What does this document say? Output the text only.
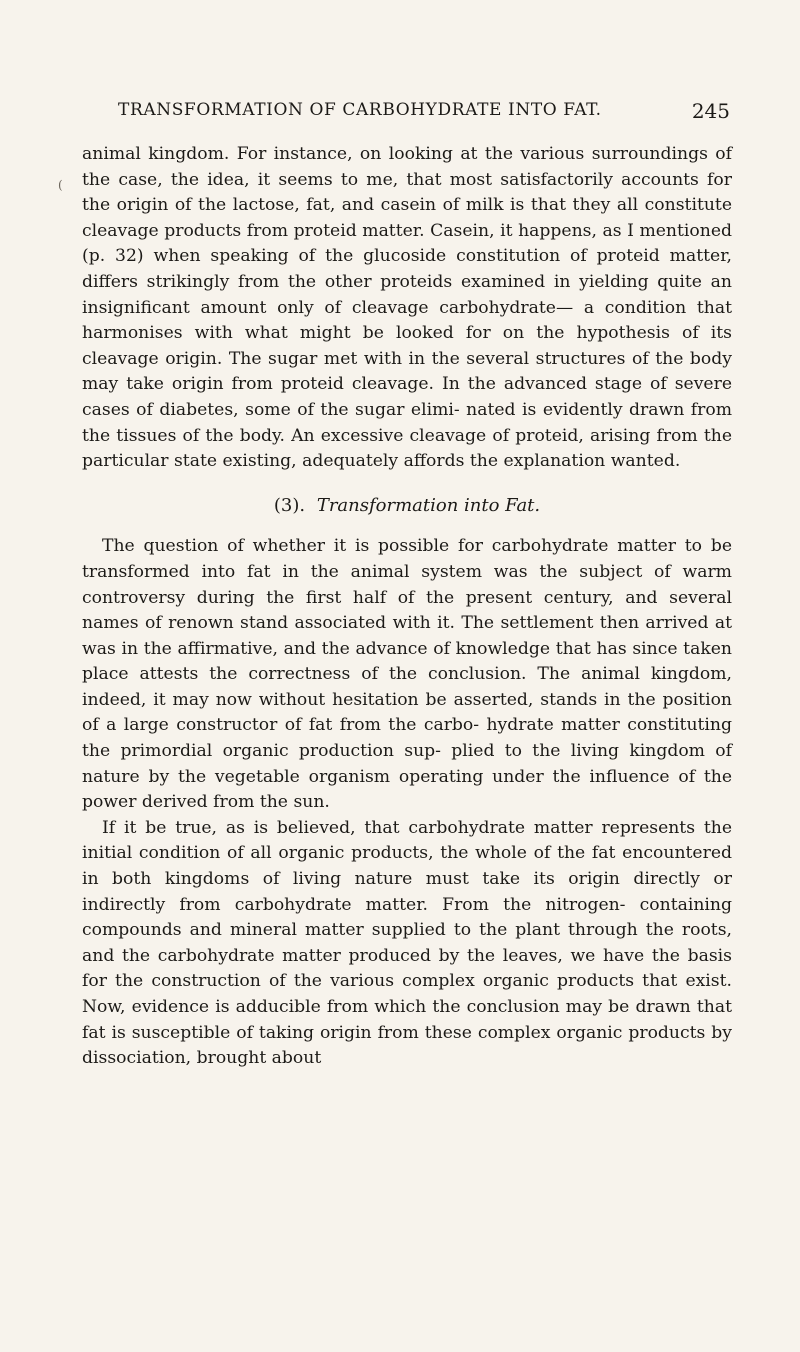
TRANSFORMATION OF CARBOHYDRATE INTO FAT.	245
(

animal kingdom. For instance, on looking at the various surroundings of the case, the idea, it seems to me, that most satisfactorily accounts for the origin of the lactose, fat, and casein of milk is that they all constitute cleavage products from proteid matter. Casein, it happens, as I mentioned (p. 32) when speaking of the glucoside constitution of proteid matter, differs strikingly from the other proteids examined in yielding quite an insignificant amount only of cleavage carbohydrate— a condition that harmonises with what might be looked for on the hypothesis of its cleavage origin. The sugar met with in the several structures of the body may take origin from proteid cleavage. In the advanced stage of severe cases of diabetes, some of the sugar elimi- nated is evidently drawn from the tissues of the body. An excessive cleavage of proteid, arising from the particular state existing, adequately affords the explanation wanted.

(3). Transformation into Fat.

The question of whether it is possible for carbohydrate matter to be transformed into fat in the animal system was the subject of warm controversy during the first half of the present century, and several names of renown stand associated with it. The settlement then arrived at was in the affirmative, and the advance of knowledge that has since taken place attests the correctness of the conclusion. The animal kingdom, indeed, it may now without hesitation be asserted, stands in the position of a large constructor of fat from the carbo- hydrate matter constituting the primordial organic production sup- plied to the living kingdom of nature by the vegetable organism operating under the influence of the power derived from the sun.

If it be true, as is believed, that carbohydrate matter represents the initial condition of all organic products, the whole of the fat encountered in both kingdoms of living nature must take its origin directly or indirectly from carbohydrate matter. From the nitrogen- containing compounds and mineral matter supplied to the plant through the roots, and the carbohydrate matter produced by the leaves, we have the basis for the construction of the various complex organic products that exist. Now, evidence is adducible from which the conclusion may be drawn that fat is susceptible of taking origin from these complex organic products by dissociation, brought about
